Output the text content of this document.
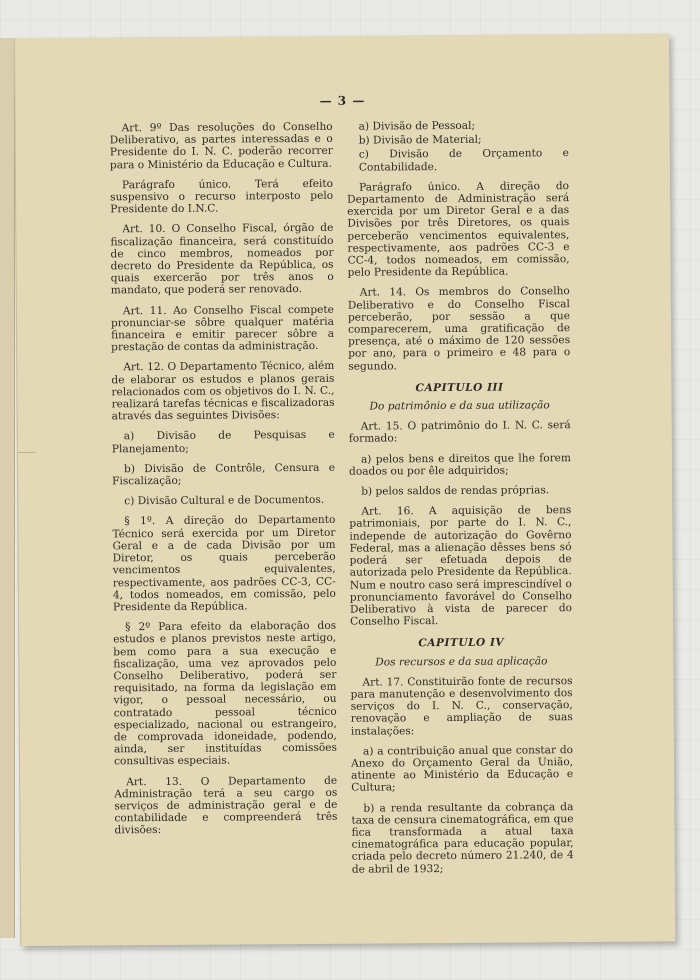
— 3 —

Art. 9º Das resoluções do Conselho Deliberativo, as partes interessadas e o Presidente do I. N. C. poderão recorrer para o Ministério da Educação e Cultura.

Parágrafo único. Terá efeito suspensivo o recurso interposto pelo Presidente do I.N.C.

Art. 10. O Conselho Fiscal, órgão de fiscalização financeira, será constituído de cinco membros, nomeados por decreto do Presidente da República, os quais exercerão por três anos o mandato, que poderá ser renovado.

Art. 11. Ao Conselho Fiscal compete pronunciar-se sôbre qualquer matéria financeira e emitir parecer sôbre a prestação de contas da administração.

Art. 12. O Departamento Técnico, além de elaborar os estudos e planos gerais relacionados com os objetivos do I. N. C., realizará tarefas técnicas e fiscalizadoras através das seguintes Divisões:

a) Divisão de Pesquisas e Planejamento;

b) Divisão de Contrôle, Censura e Fiscalização;

c) Divisão Cultural e de Documentos.

§ 1º. A direção do Departamento Técnico será exercida por um Diretor Geral e a de cada Divisão por um Diretor, os quais perceberão vencimentos equivalentes, respectivamente, aos padrões CC-3, CC-4, todos nomeados, em comissão, pelo Presidente da República.

§ 2º Para efeito da elaboração dos estudos e planos previstos neste artigo, bem como para a sua execução e fiscalização, uma vez aprovados pelo Conselho Deliberativo, poderá ser requisitado, na forma da legislação em vigor, o pessoal necessário, ou contratado pessoal técnico especializado, nacional ou estrangeiro, de comprovada idoneidade, podendo, ainda, ser instituídas comissões consultivas especiais.

Art. 13. O Departamento de Administração terá a seu cargo os serviços de administração geral e de contabilidade e compreenderá três divisões:

a) Divisão de Pessoal;

b) Divisão de Material;

c) Divisão de Orçamento e Contabilidade.

Parágrafo único. A direção do Departamento de Administração será exercida por um Diretor Geral e a das Divisões por três Diretores, os quais perceberão vencimentos equivalentes, respectivamente, aos padrões CC-3 e CC-4, todos nomeados, em comissão, pelo Presidente da República.

Art. 14. Os membros do Conselho Deliberativo e do Conselho Fiscal perceberão, por sessão a que comparecerem, uma gratificação de presença, até o máximo de 120 sessões por ano, para o primeiro e 48 para o segundo.

CAPITULO III

Do patrimônio e da sua utilização

Art. 15. O patrimônio do I. N. C. será formado:

a) pelos bens e direitos que lhe forem doados ou por êle adquiridos;

b) pelos saldos de rendas próprias.

Art. 16. A aquisição de bens patrimoniais, por parte do I. N. C., independe de autorização do Govêrno Federal, mas a alienação dêsses bens só poderá ser efetuada depois de autorizada pelo Presidente da República. Num e noutro caso será imprescindível o pronunciamento favorável do Conselho Deliberativo à vista de parecer do Conselho Fiscal.

CAPITULO IV

Dos recursos e da sua aplicação

Art. 17. Constituirão fonte de recursos para manutenção e desenvolvimento dos serviços do I. N. C., conservação, renovação e ampliação de suas instalações:

a) a contribuição anual que constar do Anexo do Orçamento Geral da União, atinente ao Ministério da Educação e Cultura;

b) a renda resultante da cobrança da taxa de censura cinematográfica, em que fica transformada a atual taxa cinematográfica para educação popular, criada pelo decreto número 21.240, de 4 de abril de 1932;
